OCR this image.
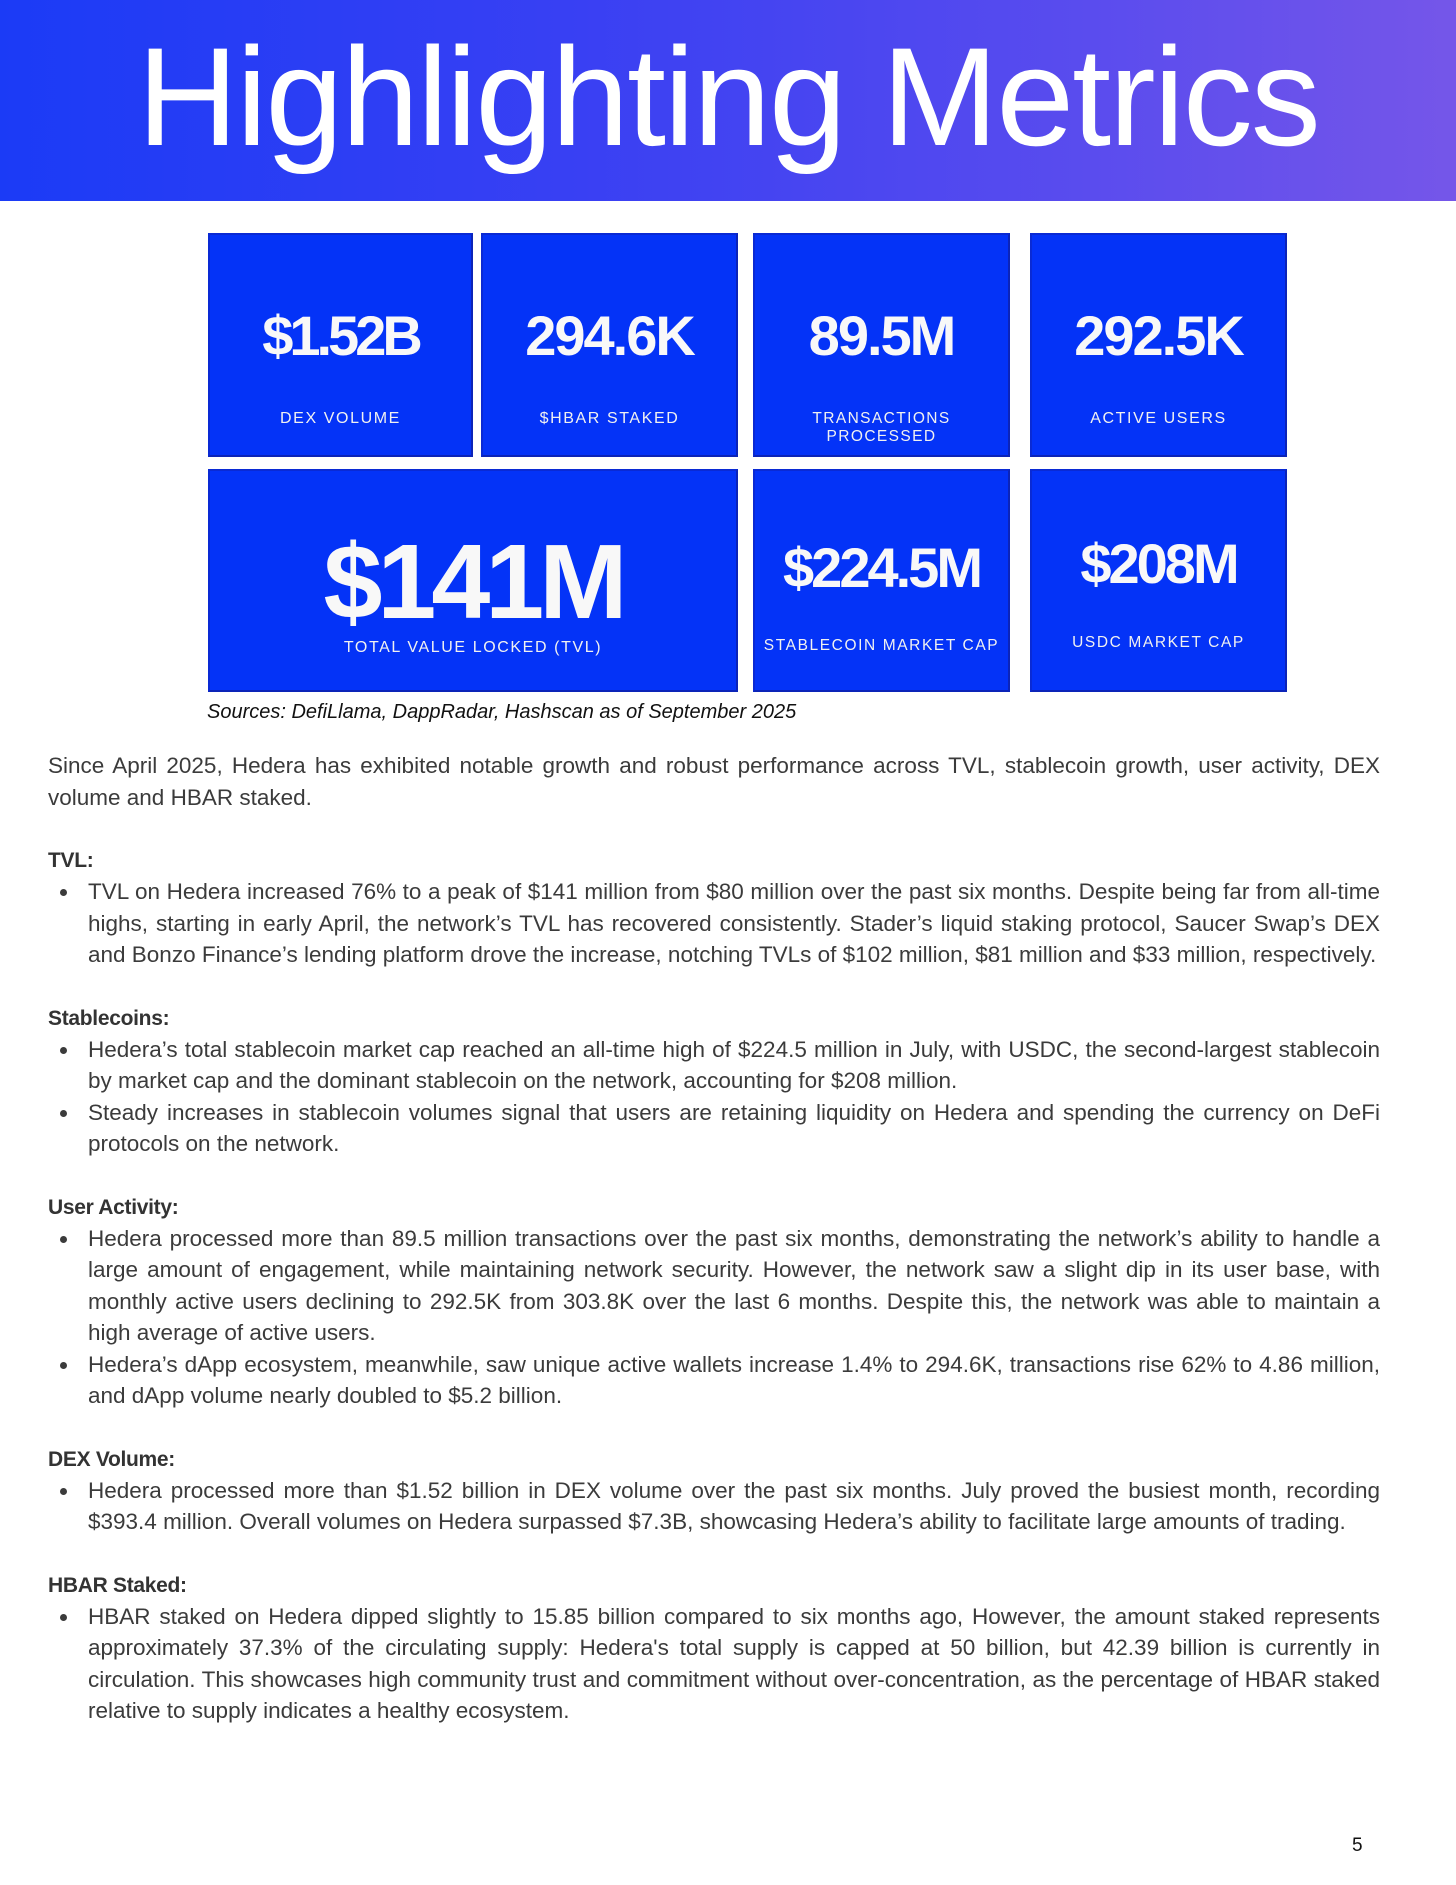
Highlighting Metrics
$1.52B
DEX VOLUME
294.6K
$HBAR STAKED
89.5M
TRANSACTIONS PROCESSED
292.5K
ACTIVE USERS
$141M
TOTAL VALUE LOCKED (TVL)
$224.5M
STABLECOIN MARKET CAP
$208M
USDC MARKET CAP
Sources: DefiLlama, DappRadar, Hashscan as of September 2025

Since April 2025, Hedera has exhibited notable growth and robust performance across TVL, stablecoin growth, user activity, DEX volume and HBAR staked.

TVL:
TVL on Hedera increased 76% to a peak of $141 million from $80 million over the past six months. Despite being far from all-time highs, starting in early April, the network’s TVL has recovered consistently. Stader’s liquid staking protocol, Saucer Swap’s DEX and Bonzo Finance’s lending platform drove the increase, notching TVLs of $102 million, $81 million and $33 million, respectively.
Stablecoins:
Hedera’s total stablecoin market cap reached an all-time high of $224.5 million in July, with USDC, the second-largest stablecoin by market cap and the dominant stablecoin on the network, accounting for $208 million.
Steady increases in stablecoin volumes signal that users are retaining liquidity on Hedera and spending the currency on DeFi protocols on the network.
User Activity:
Hedera processed more than 89.5 million transactions over the past six months, demonstrating the network’s ability to handle a large amount of engagement, while maintaining network security. However, the network saw a slight dip in its user base, with monthly active users declining to 292.5K from 303.8K over the last 6 months. Despite this, the network was able to maintain a high average of active users.
Hedera’s dApp ecosystem, meanwhile, saw unique active wallets increase 1.4% to 294.6K, transactions rise 62% to 4.86 million, and dApp volume nearly doubled to $5.2 billion.
DEX Volume:
Hedera processed more than $1.52 billion in DEX volume over the past six months. July proved the busiest month, recording $393.4 million. Overall volumes on Hedera surpassed $7.3B, showcasing Hedera’s ability to facilitate large amounts of trading.
HBAR Staked:
HBAR staked on Hedera dipped slightly to 15.85 billion compared to six months ago, However, the amount staked represents approximately 37.3% of the circulating supply: Hedera's total supply is capped at 50 billion, but 42.39 billion is currently in circulation. This showcases high community trust and commitment without over-concentration, as the percentage of HBAR staked relative to supply indicates a healthy ecosystem.
5
